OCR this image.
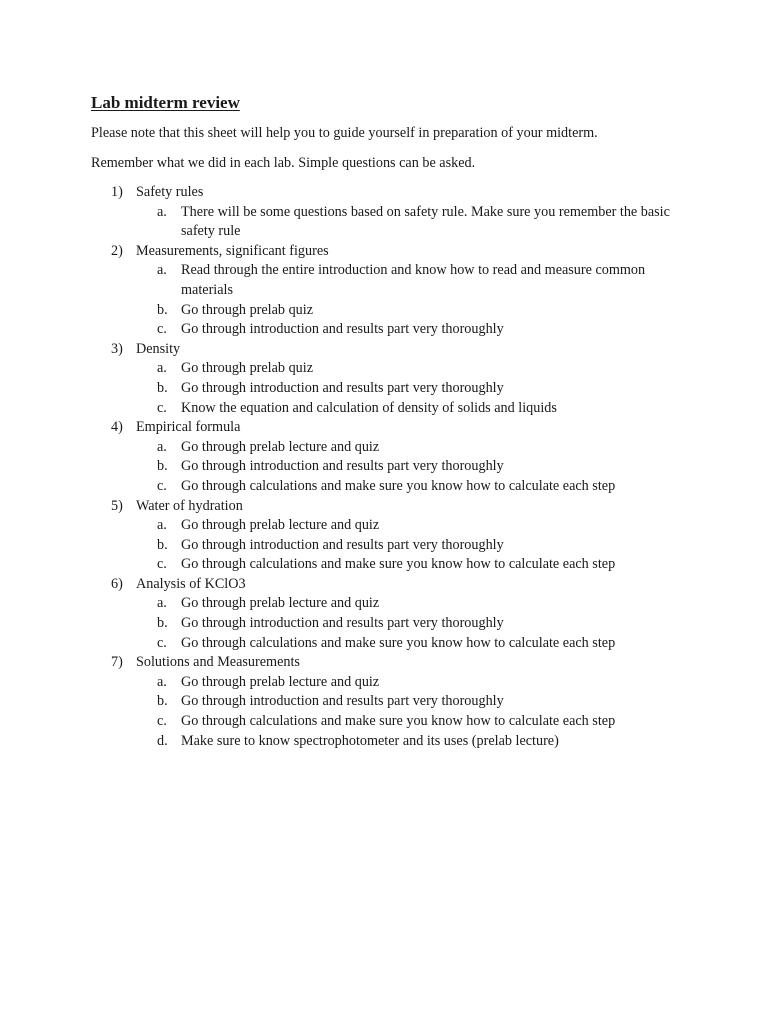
Lab midterm review

Please note that this sheet will help you to guide yourself in preparation of your midterm.

Remember what we did in each lab. Simple questions can be asked.

1) Safety rules
a. There will be some questions based on safety rule. Make sure you remember the basic safety rule
2) Measurements, significant figures
a. Read through the entire introduction and know how to read and measure common materials
b. Go through prelab quiz
c. Go through introduction and results part very thoroughly
3) Density
a. Go through prelab quiz
b. Go through introduction and results part very thoroughly
c. Know the equation and calculation of density of solids and liquids
4) Empirical formula
a. Go through prelab lecture and quiz
b. Go through introduction and results part very thoroughly
c. Go through calculations and make sure you know how to calculate each step
5) Water of hydration
a. Go through prelab lecture and quiz
b. Go through introduction and results part very thoroughly
c. Go through calculations and make sure you know how to calculate each step
6) Analysis of KClO3
a. Go through prelab lecture and quiz
b. Go through introduction and results part very thoroughly
c. Go through calculations and make sure you know how to calculate each step
7) Solutions and Measurements
a. Go through prelab lecture and quiz
b. Go through introduction and results part very thoroughly
c. Go through calculations and make sure you know how to calculate each step
d. Make sure to know spectrophotometer and its uses (prelab lecture)
